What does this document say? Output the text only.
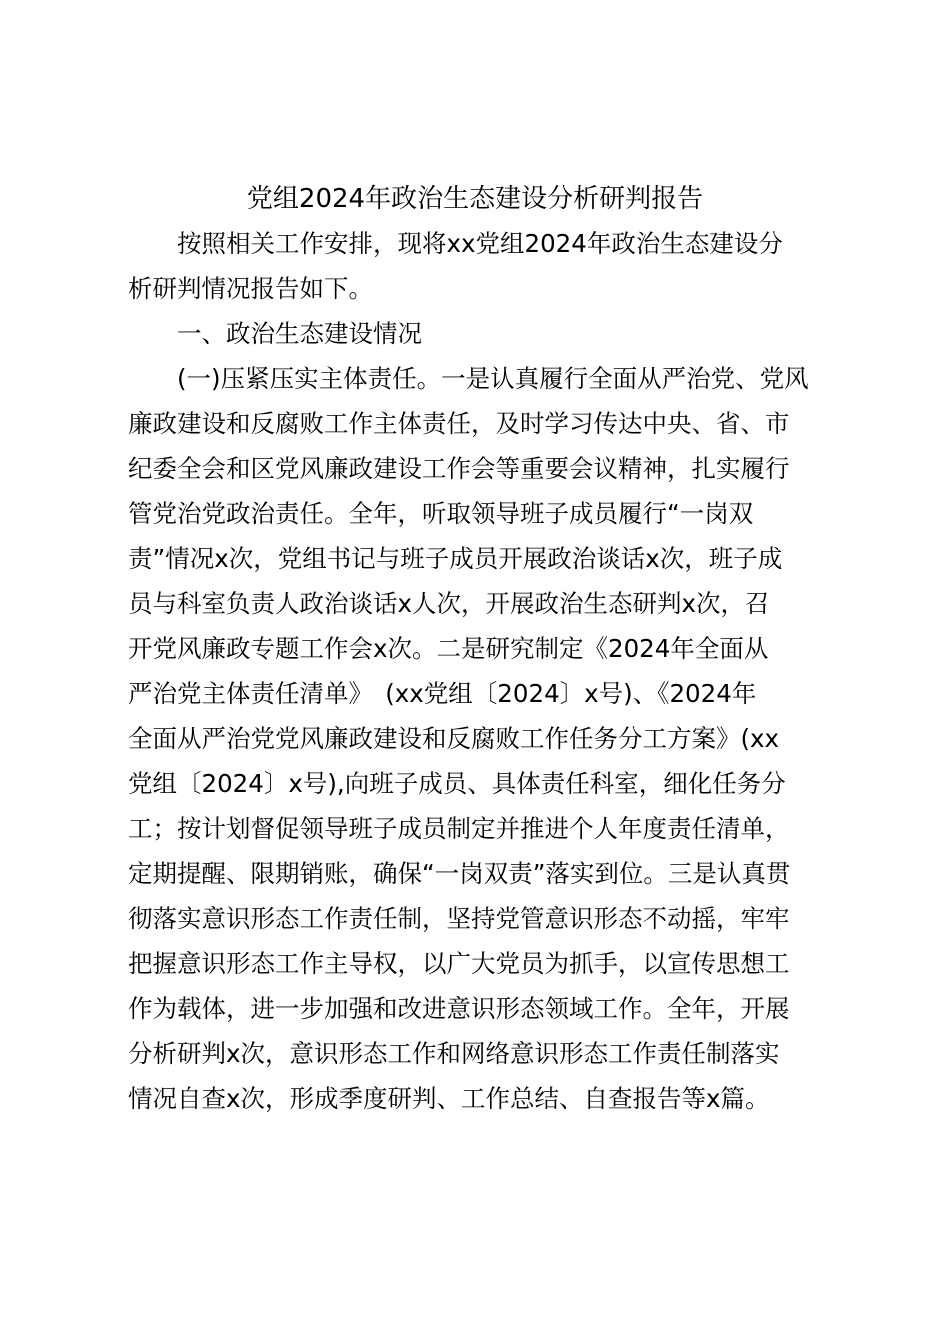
党组2024年政治生态建设分析研判报告
　　按照相关工作安排，现将xx党组2024年政治生态建设分
析研判情况报告如下。
　　一、政治生态建设情况
　　(一)压紧压实主体责任。一是认真履行全面从严治党、党风
廉政建设和反腐败工作主体责任，及时学习传达中央、省、市
纪委全会和区党风廉政建设工作会等重要会议精神，扎实履行
管党治党政治责任。全年，听取领导班子成员履行“一岗双
责”情况x次，党组书记与班子成员开展政治谈话x次，班子成
员与科室负责人政治谈话x人次，开展政治生态研判x次，召
开党风廉政专题工作会x次。二是研究制定《2024年全面从
严治党主体责任清单》　(xx党组〔2024〕x号)、《2024年
全面从严治党党风廉政建设和反腐败工作任务分工方案》(xx
党组〔2024〕x号),向班子成员、具体责任科室，细化任务分
工；按计划督促领导班子成员制定并推进个人年度责任清单，
定期提醒、限期销账，确保“一岗双责”落实到位。三是认真贯
彻落实意识形态工作责任制，坚持党管意识形态不动摇，牢牢
把握意识形态工作主导权，以广大党员为抓手，以宣传思想工
作为载体，进一步加强和改进意识形态领域工作。全年，开展
分析研判x次，意识形态工作和网络意识形态工作责任制落实
情况自查x次，形成季度研判、工作总结、自查报告等x篇。
